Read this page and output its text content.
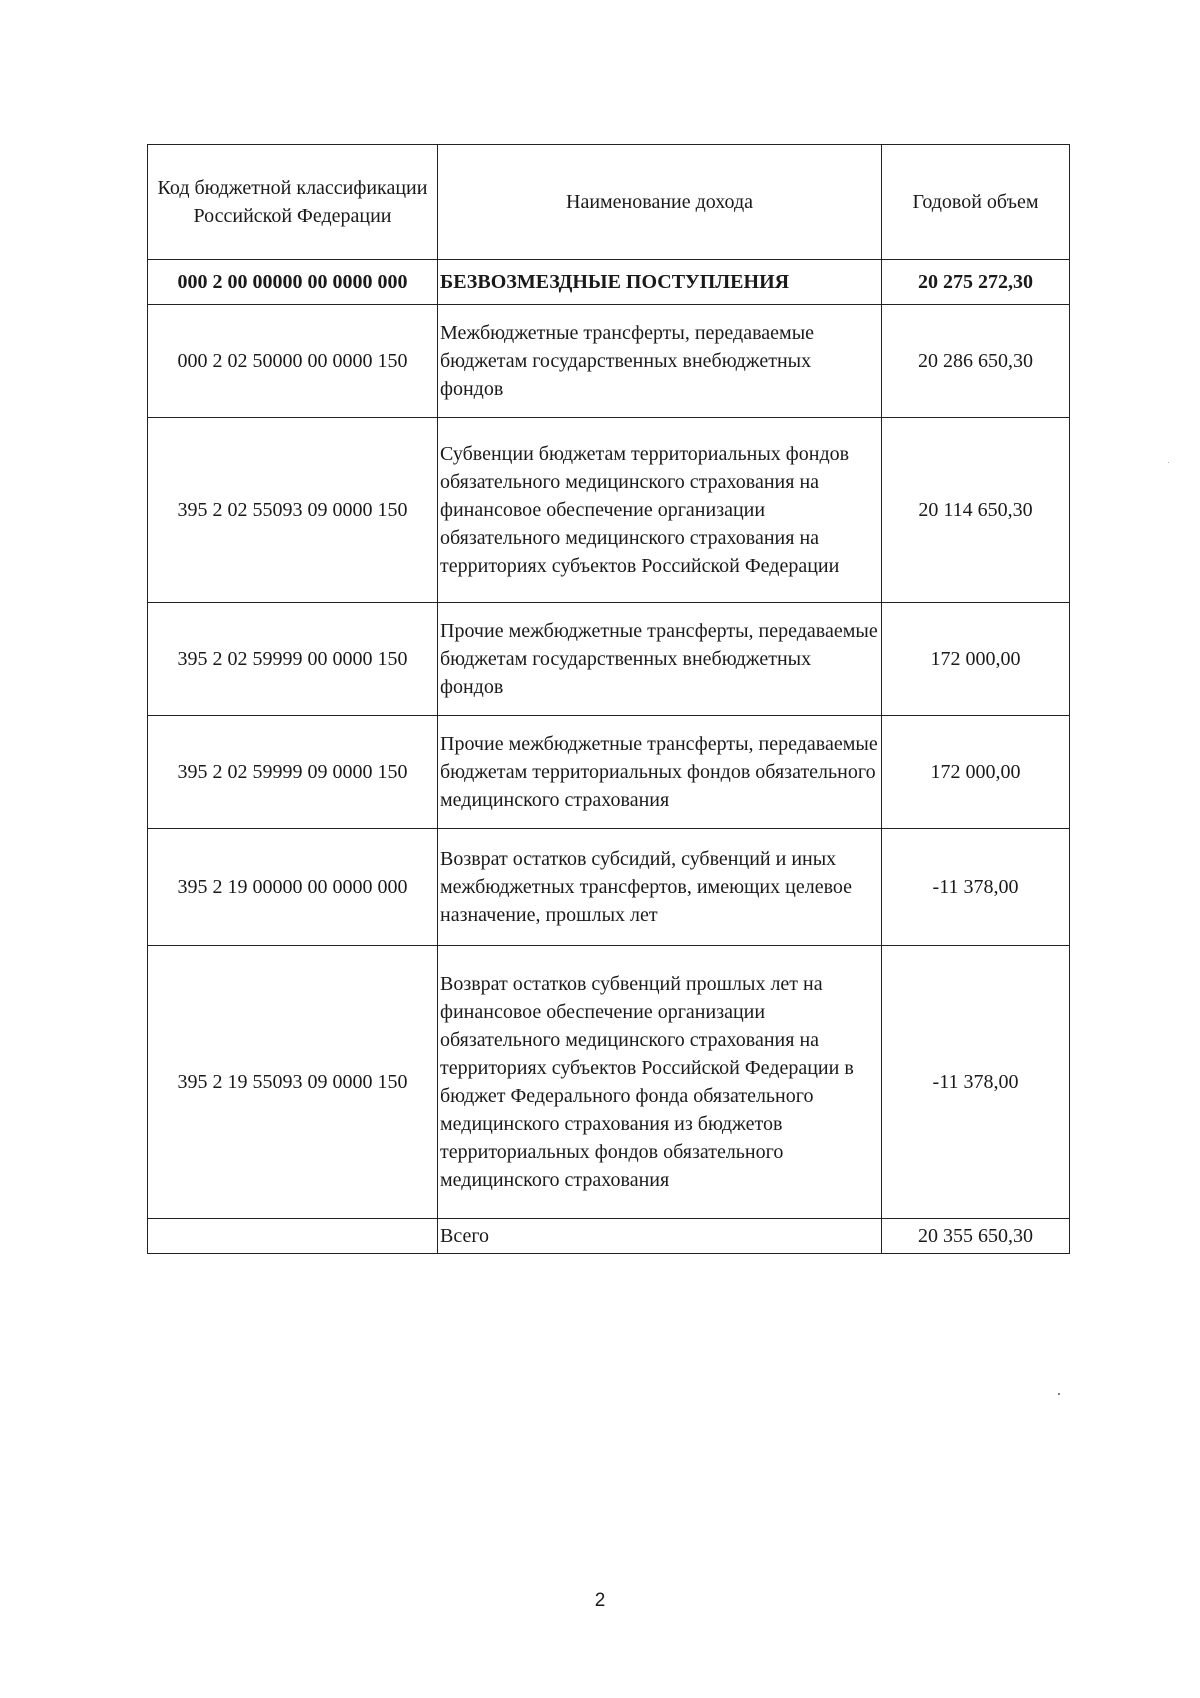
Код бюджетной классификации Российской Федерации	Наименование дохода	Годовой объем
000 2 00 00000 00 0000 000	БЕЗВОЗМЕЗДНЫЕ ПОСТУПЛЕНИЯ	20 275 272,30
000 2 02 50000 00 0000 150	Межбюджетные трансферты, передаваемые бюджетам государственных внебюджетных фондов	20 286 650,30
395 2 02 55093 09 0000 150	Субвенции бюджетам территориальных фондов обязательного медицинского страхования на финансовое обеспечение организации обязательного медицинского страхования на территориях субъектов Российской Федерации	20 114 650,30
395 2 02 59999 00 0000 150	Прочие межбюджетные трансферты, передаваемые бюджетам государственных внебюджетных фондов	172 000,00
395 2 02 59999 09 0000 150	Прочие межбюджетные трансферты, передаваемые бюджетам территориальных фондов обязательного медицинского страхования	172 000,00
395 2 19 00000 00 0000 000	Возврат остатков субсидий, субвенций и иных межбюджетных трансфертов, имеющих целевое назначение, прошлых лет	-11 378,00
395 2 19 55093 09 0000 150	Возврат остатков субвенций прошлых лет на финансовое обеспечение организации обязательного медицинского страхования на территориях субъектов Российской Федерации в бюджет Федерального фонда обязательного медицинского страхования из бюджетов территориальных фондов обязательного медицинского страхования	-11 378,00
	Всего	20 355 650,30
2
